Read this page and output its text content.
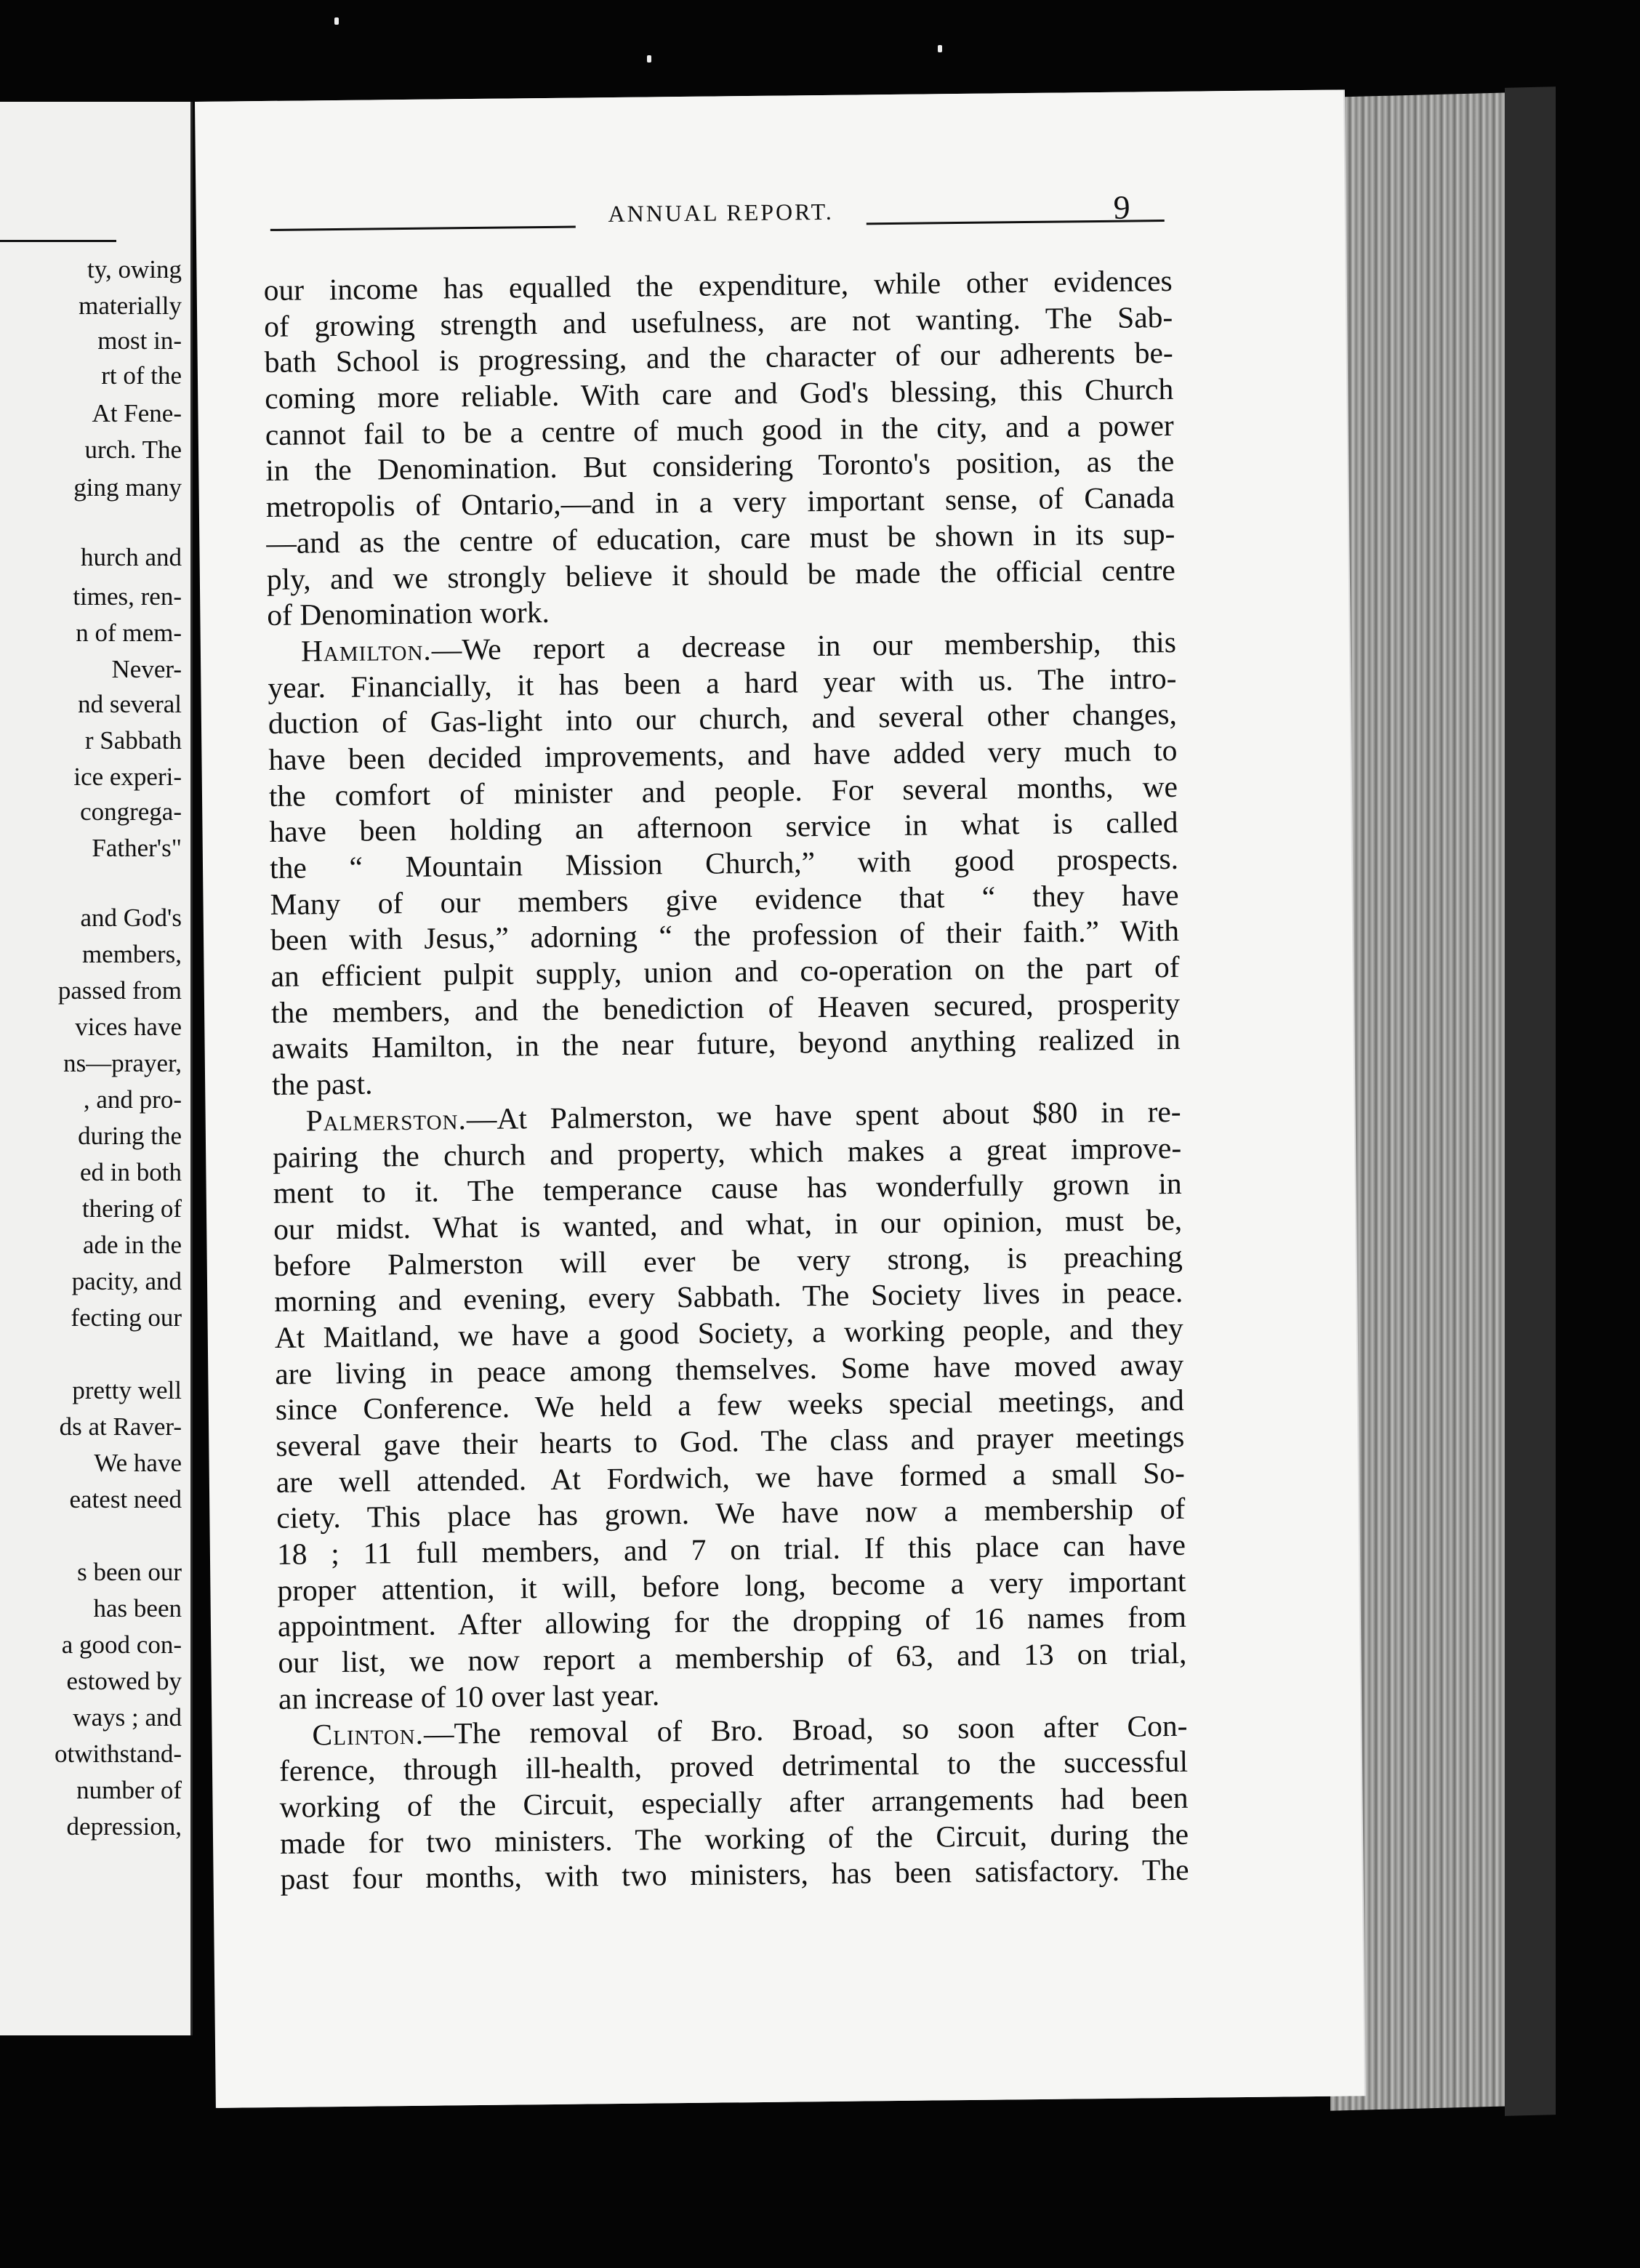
ty, owing
materially
most in-
rt of the
At Fene-
urch. The
ging many
hurch and
times, ren-
n of mem-
Never-
nd several
r Sabbath
ice experi-
congrega-
Father's"
and God's
members,
passed from
vices have
ns—prayer,
, and pro-
during the
ed in both
thering of
ade in the
pacity, and
fecting our
pretty well
ds at Raver-
We have
eatest need
s been our
has been
a good con-
estowed by
ways ; and
otwithstand-
number of
depression,
ANNUAL REPORT.	9
our income has equalled the expenditure, while other evidences
of growing strength and usefulness, are not wanting. The Sab-
bath School is progressing, and the character of our adherents be-
coming more reliable. With care and God's blessing, this Church
cannot fail to be a centre of much good in the city, and a power
in the Denomination. But considering Toronto's position, as the
metropolis of Ontario,—and in a very important sense, of Canada
—and as the centre of education, care must be shown in its sup-
ply, and we strongly believe it should be made the official centre
of Denomination work.
Hamilton.—We report a decrease in our membership, this
year. Financially, it has been a hard year with us. The intro-
duction of Gas-light into our church, and several other changes,
have been decided improvements, and have added very much to
the comfort of minister and people. For several months, we
have been holding an afternoon service in what is called
the “ Mountain Mission Church,” with good prospects.
Many of our members give evidence that “ they have
been with Jesus,” adorning “ the profession of their faith.” With
an efficient pulpit supply, union and co-operation on the part of
the members, and the benediction of Heaven secured, prosperity
awaits Hamilton, in the near future, beyond anything realized in
the past.
Palmerston.—At Palmerston, we have spent about $80 in re-
pairing the church and property, which makes a great improve-
ment to it. The temperance cause has wonderfully grown in
our midst. What is wanted, and what, in our opinion, must be,
before Palmerston will ever be very strong, is preaching
morning and evening, every Sabbath. The Society lives in peace.
At Maitland, we have a good Society, a working people, and they
are living in peace among themselves. Some have moved away
since Conference. We held a few weeks special meetings, and
several gave their hearts to God. The class and prayer meetings
are well attended. At Fordwich, we have formed a small So-
ciety. This place has grown. We have now a membership of
18 ; 11 full members, and 7 on trial. If this place can have
proper attention, it will, before long, become a very important
appointment. After allowing for the dropping of 16 names from
our list, we now report a membership of 63, and 13 on trial,
an increase of 10 over last year.
Clinton.—The removal of Bro. Broad, so soon after Con-
ference, through ill-health, proved detrimental to the successful
working of the Circuit, especially after arrangements had been
made for two ministers. The working of the Circuit, during the
past four months, with two ministers, has been satisfactory. The
